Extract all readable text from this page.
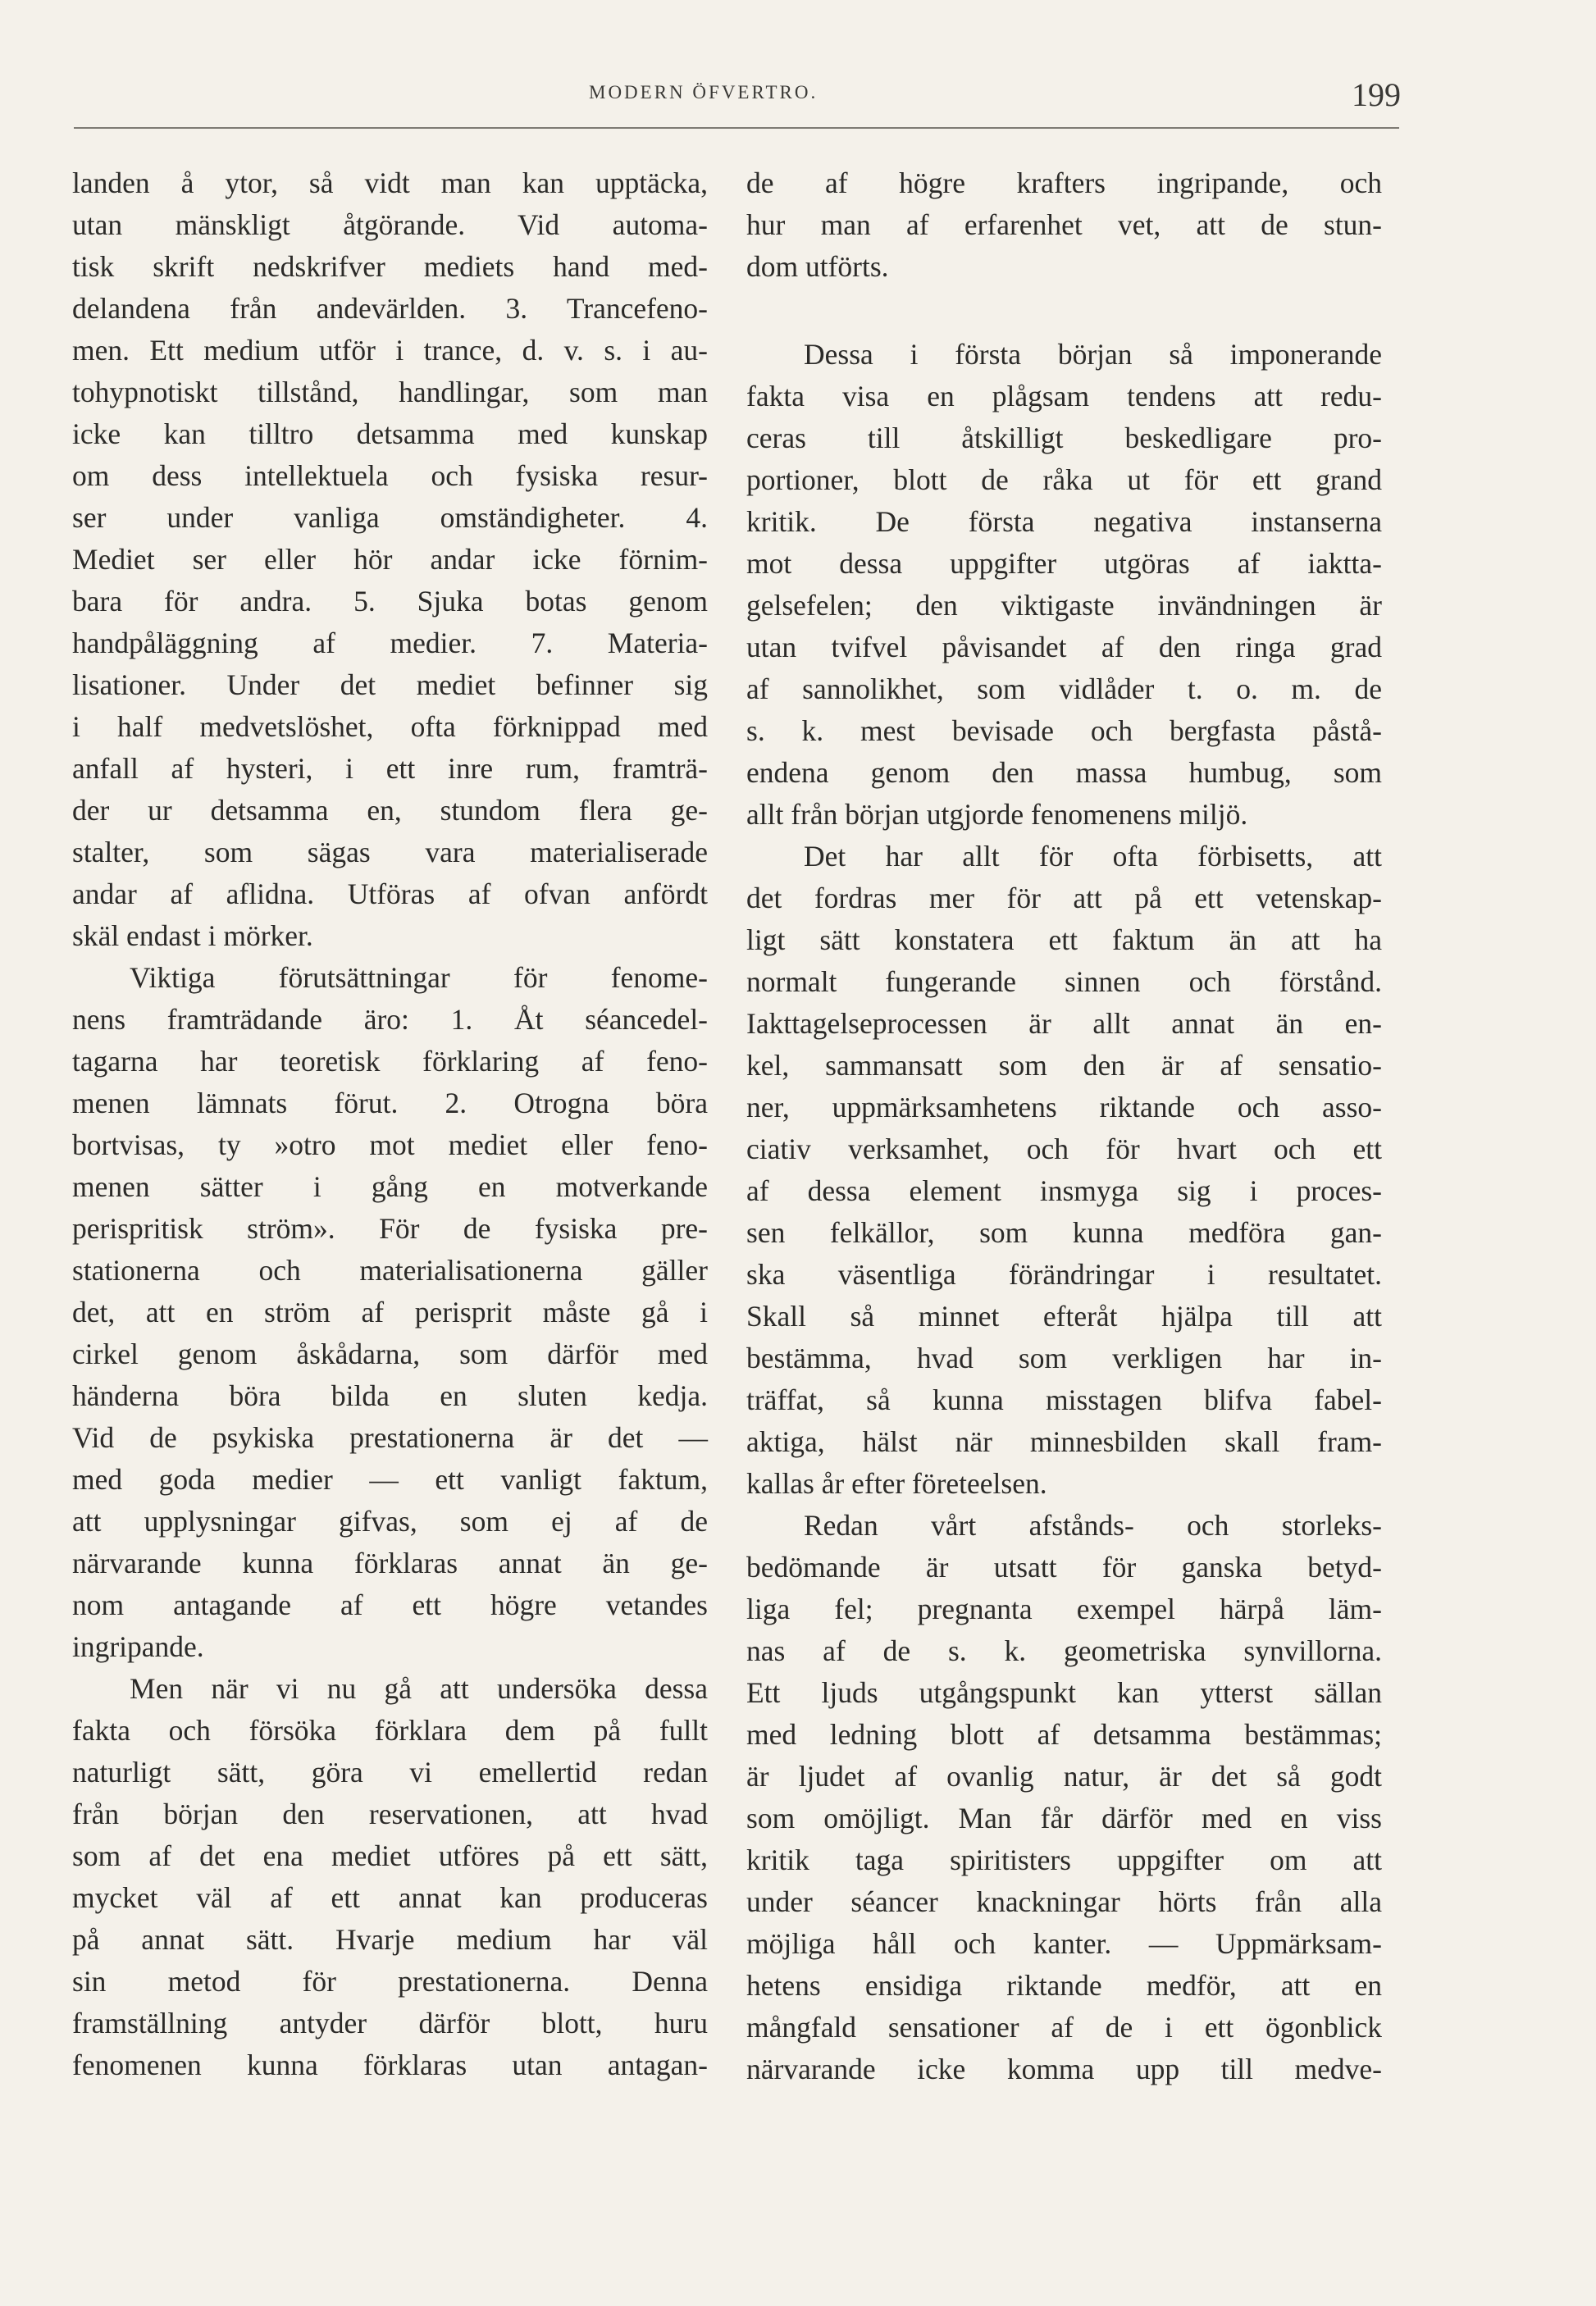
MODERN ÖFVERTRO.	199
landen å ytor, så vidt man kan upptäcka,
utan mänskligt åtgörande. Vid automa-
tisk skrift nedskrifver mediets hand med-
delandena från andevärlden. 3. Trancefeno-
men. Ett medium utför i trance, d. v. s. i au-
tohypnotiskt tillstånd, handlingar, som man
icke kan tilltro detsamma med kunskap
om dess intellektuela och fysiska resur-
ser under vanliga omständigheter. 4.
Mediet ser eller hör andar icke förnim-
bara för andra. 5. Sjuka botas genom
handpåläggning af medier. 7. Materia-
lisationer. Under det mediet befinner sig
i half medvetslöshet, ofta förknippad med
anfall af hysteri, i ett inre rum, framträ-
der ur detsamma en, stundom flera ge-
stalter, som sägas vara materialiserade
andar af aflidna. Utföras af ofvan anfördt
skäl endast i mörker.
Viktiga förutsättningar för fenome-
nens framträdande äro: 1. Åt séancedel-
tagarna har teoretisk förklaring af feno-
menen lämnats förut. 2. Otrogna böra
bortvisas, ty »otro mot mediet eller feno-
menen sätter i gång en motverkande
perispritisk ström». För de fysiska pre-
stationerna och materialisationerna gäller
det, att en ström af perisprit måste gå i
cirkel genom åskådarna, som därför med
händerna böra bilda en sluten kedja.
Vid de psykiska prestationerna är det —
med goda medier — ett vanligt faktum,
att upplysningar gifvas, som ej af de
närvarande kunna förklaras annat än ge-
nom antagande af ett högre vetandes
ingripande.
Men när vi nu gå att undersöka dessa
fakta och försöka förklara dem på fullt
naturligt sätt, göra vi emellertid redan
från början den reservationen, att hvad
som af det ena mediet utföres på ett sätt,
mycket väl af ett annat kan produceras
på annat sätt. Hvarje medium har väl
sin metod för prestationerna. Denna
framställning antyder därför blott, huru
fenomenen kunna förklaras utan antagan-
de af högre krafters ingripande, och
hur man af erfarenhet vet, att de stun-
dom utförts.
Dessa i första början så imponerande
fakta visa en plågsam tendens att redu-
ceras till åtskilligt beskedligare pro-
portioner, blott de råka ut för ett grand
kritik. De första negativa instanserna
mot dessa uppgifter utgöras af iaktta-
gelsefelen; den viktigaste invändningen är
utan tvifvel påvisandet af den ringa grad
af sannolikhet, som vidlåder t. o. m. de
s. k. mest bevisade och bergfasta påstå-
endena genom den massa humbug, som
allt från början utgjorde fenomenens miljö.
Det har allt för ofta förbisetts, att
det fordras mer för att på ett vetenskap-
ligt sätt konstatera ett faktum än att ha
normalt fungerande sinnen och förstånd.
Iakttagelseprocessen är allt annat än en-
kel, sammansatt som den är af sensatio-
ner, uppmärksamhetens riktande och asso-
ciativ verksamhet, och för hvart och ett
af dessa element insmyga sig i proces-
sen felkällor, som kunna medföra gan-
ska väsentliga förändringar i resultatet.
Skall så minnet efteråt hjälpa till att
bestämma, hvad som verkligen har in-
träffat, så kunna misstagen blifva fabel-
aktiga, hälst när minnesbilden skall fram-
kallas år efter företeelsen.
Redan vårt afstånds- och storleks-
bedömande är utsatt för ganska betyd-
liga fel; pregnanta exempel härpå läm-
nas af de s. k. geometriska synvillorna.
Ett ljuds utgångspunkt kan ytterst sällan
med ledning blott af detsamma bestämmas;
är ljudet af ovanlig natur, är det så godt
som omöjligt. Man får därför med en viss
kritik taga spiritisters uppgifter om att
under séancer knackningar hörts från alla
möjliga håll och kanter. — Uppmärksam-
hetens ensidiga riktande medför, att en
mångfald sensationer af de i ett ögonblick
närvarande icke komma upp till medve-
